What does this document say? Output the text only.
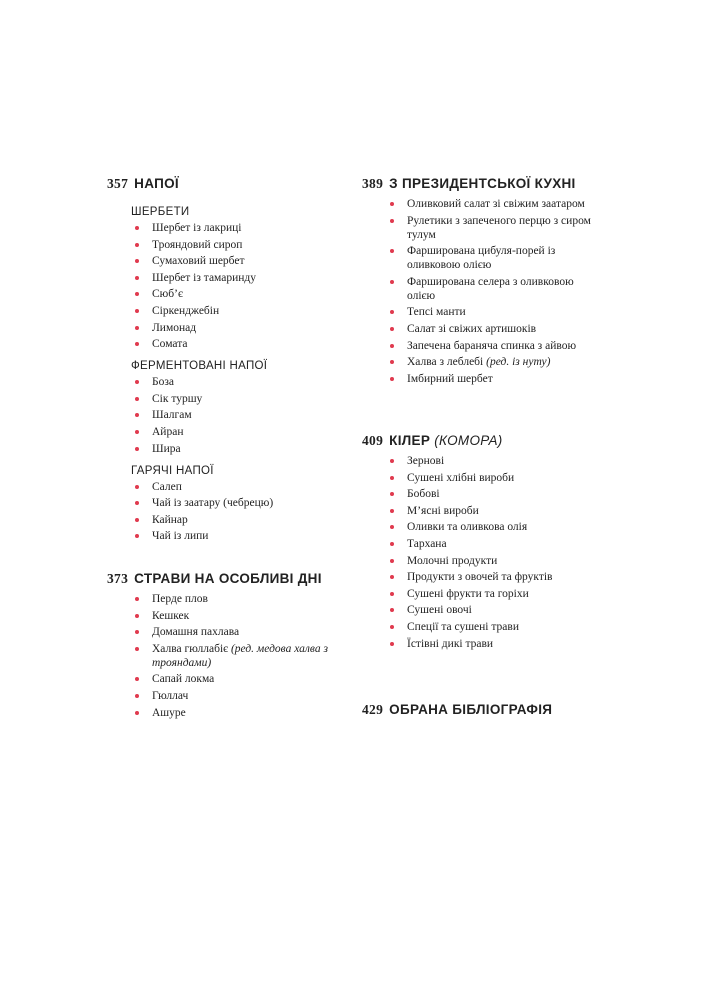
357 НАПОЇ
ШЕРБЕТИ
Шербет із лакриці
Трояндовий сироп
Сумаховий шербет
Шербет із тамаринду
Сюб’є
Сіркенджебін
Лимонад
Сомата
ФЕРМЕНТОВАНІ НАПОЇ
Боза
Сік туршу
Шалгам
Айран
Шира
ГАРЯЧІ НАПОЇ
Салеп
Чай із заатару (чебрецю)
Кайнар
Чай із липи
373 СТРАВИ НА ОСОБЛИВІ ДНІ
Перде плов
Кешкек
Домашня пахлава
Халва гюллабіє (ред. медова халва з трояндами)
Сапай локма
Гюллач
Ашуре
389 З ПРЕЗИДЕНТСЬКОЇ КУХНІ
Оливковий салат зі свіжим заатаром
Рулетики з запеченого перцю з сиром тулум
Фарширована цибуля-порей із оливковою олією
Фарширована селера з оливковою олією
Тепсі манти
Салат зі свіжих артишоків
Запечена бараняча спинка з айвою
Халва з леблебі (ред. із нуту)
Імбирний шербет
409 КІЛЕР (КОМОРА)
Зернові
Сушені хлібні вироби
Бобові
М’ясні вироби
Оливки та оливкова олія
Тархана
Молочні продукти
Продукти з овочей та фруктів
Сушені фрукти та горіхи
Сушені овочі
Спеції та сушені трави
Їстівні дикі трави
429 ОБРАНА БІБЛІОГРАФІЯ
